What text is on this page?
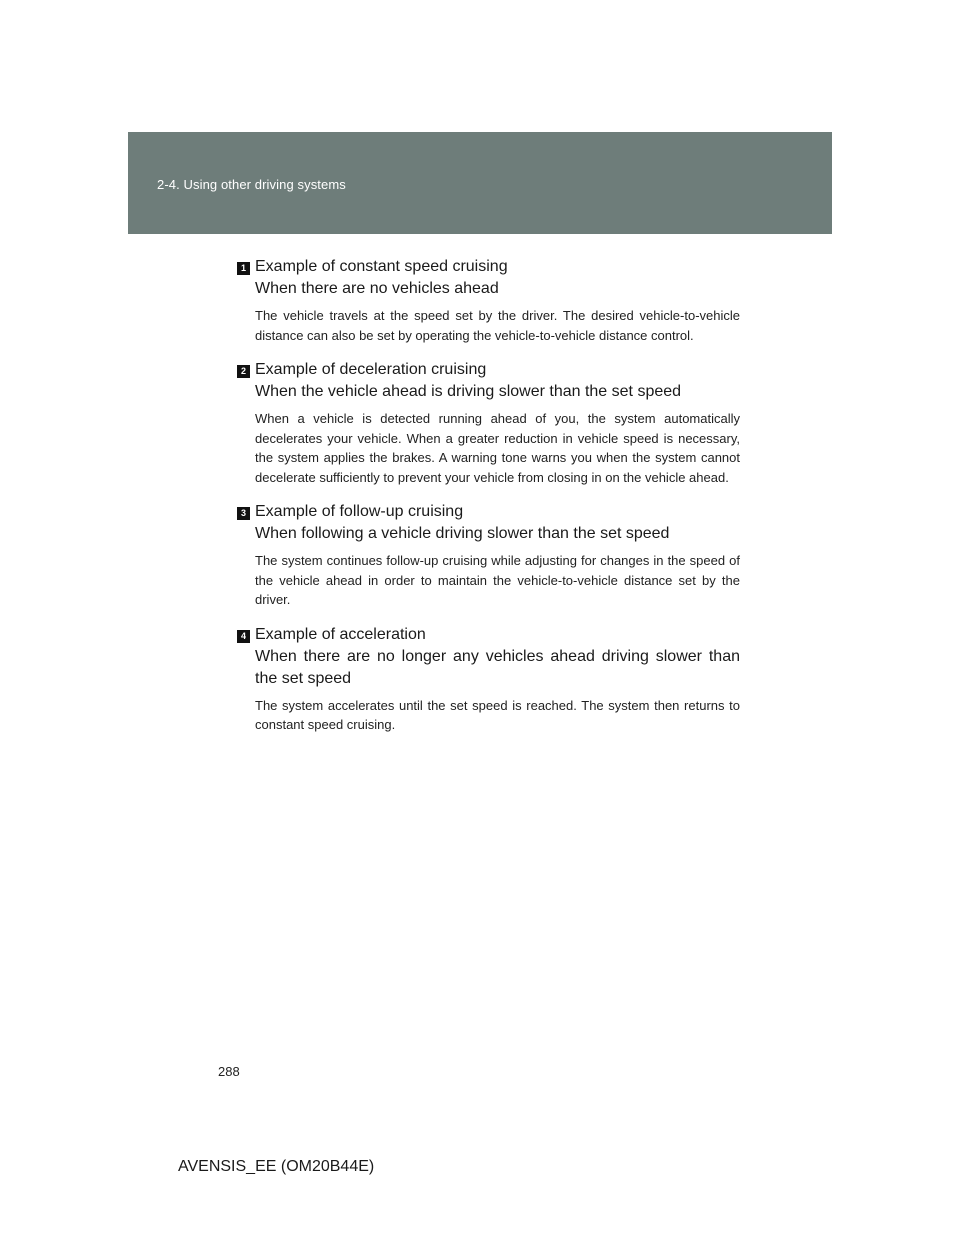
2-4. Using other driving systems
1 Example of constant speed cruising
When there are no vehicles ahead
The vehicle travels at the speed set by the driver. The desired vehicle-to-vehicle distance can also be set by operating the vehicle-to-vehicle distance control.
2 Example of deceleration cruising
When the vehicle ahead is driving slower than the set speed
When a vehicle is detected running ahead of you, the system automatically decelerates your vehicle. When a greater reduction in vehicle speed is necessary, the system applies the brakes. A warning tone warns you when the system cannot decelerate sufficiently to prevent your vehicle from closing in on the vehicle ahead.
3 Example of follow-up cruising
When following a vehicle driving slower than the set speed
The system continues follow-up cruising while adjusting for changes in the speed of the vehicle ahead in order to maintain the vehicle-to-vehicle distance set by the driver.
4 Example of acceleration
When there are no longer any vehicles ahead driving slower than the set speed
The system accelerates until the set speed is reached. The system then returns to constant speed cruising.
288
AVENSIS_EE (OM20B44E)
